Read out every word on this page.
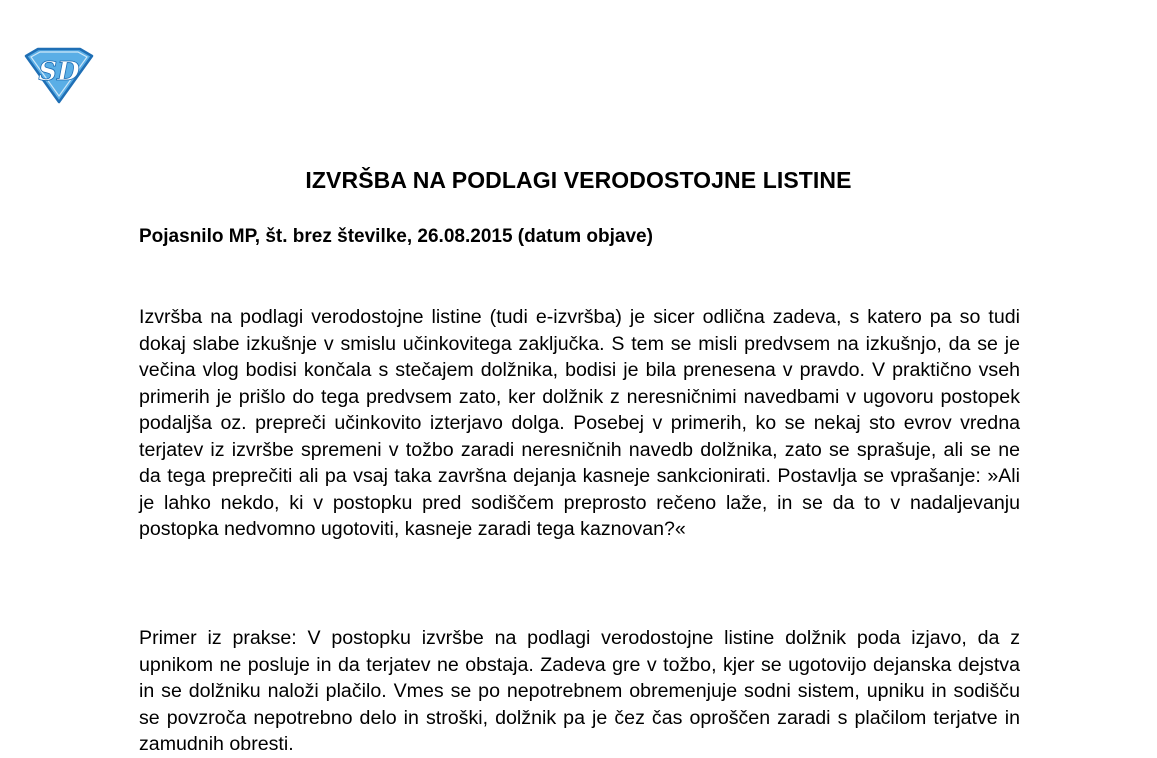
SD
IZVRŠBA NA PODLAGI VERODOSTOJNE LISTINE

Pojasnilo MP, št. brez številke, 26.08.2015 (datum objave)

Izvršba na podlagi verodostojne listine (tudi e-izvršba) je sicer odlična zadeva, s katero pa so tudi dokaj slabe izkušnje v smislu učinkovitega zaključka. S tem se misli predvsem na izkušnjo, da se je večina vlog bodisi končala s stečajem dolžnika, bodisi je bila prenesena v pravdo. V praktično vseh primerih je prišlo do tega predvsem zato, ker dolžnik z neresničnimi navedbami v ugovoru postopek podaljša oz. prepreči učinkovito izterjavo dolga. Posebej v primerih, ko se nekaj sto evrov vredna terjatev iz izvršbe spremeni v tožbo zaradi neresničnih navedb dolžnika, zato se sprašuje, ali se ne da tega preprečiti ali pa vsaj taka završna dejanja kasneje sankcionirati. Postavlja se vprašanje: »Ali je lahko nekdo, ki v postopku pred sodiščem preprosto rečeno laže, in se da to v nadaljevanju postopka nedvomno ugotoviti, kasneje zaradi tega kaznovan?«

Primer iz prakse: V postopku izvršbe na podlagi verodostojne listine dolžnik poda izjavo, da z upnikom ne posluje in da terjatev ne obstaja. Zadeva gre v tožbo, kjer se ugotovijo dejanska dejstva in se dolžniku naloži plačilo. Vmes se po nepotrebnem obremenjuje sodni sistem, upniku in sodišču se povzroča nepotrebno delo in stroški, dolžnik pa je čez čas oproščen zaradi s plačilom terjatve in zamudnih obresti.
